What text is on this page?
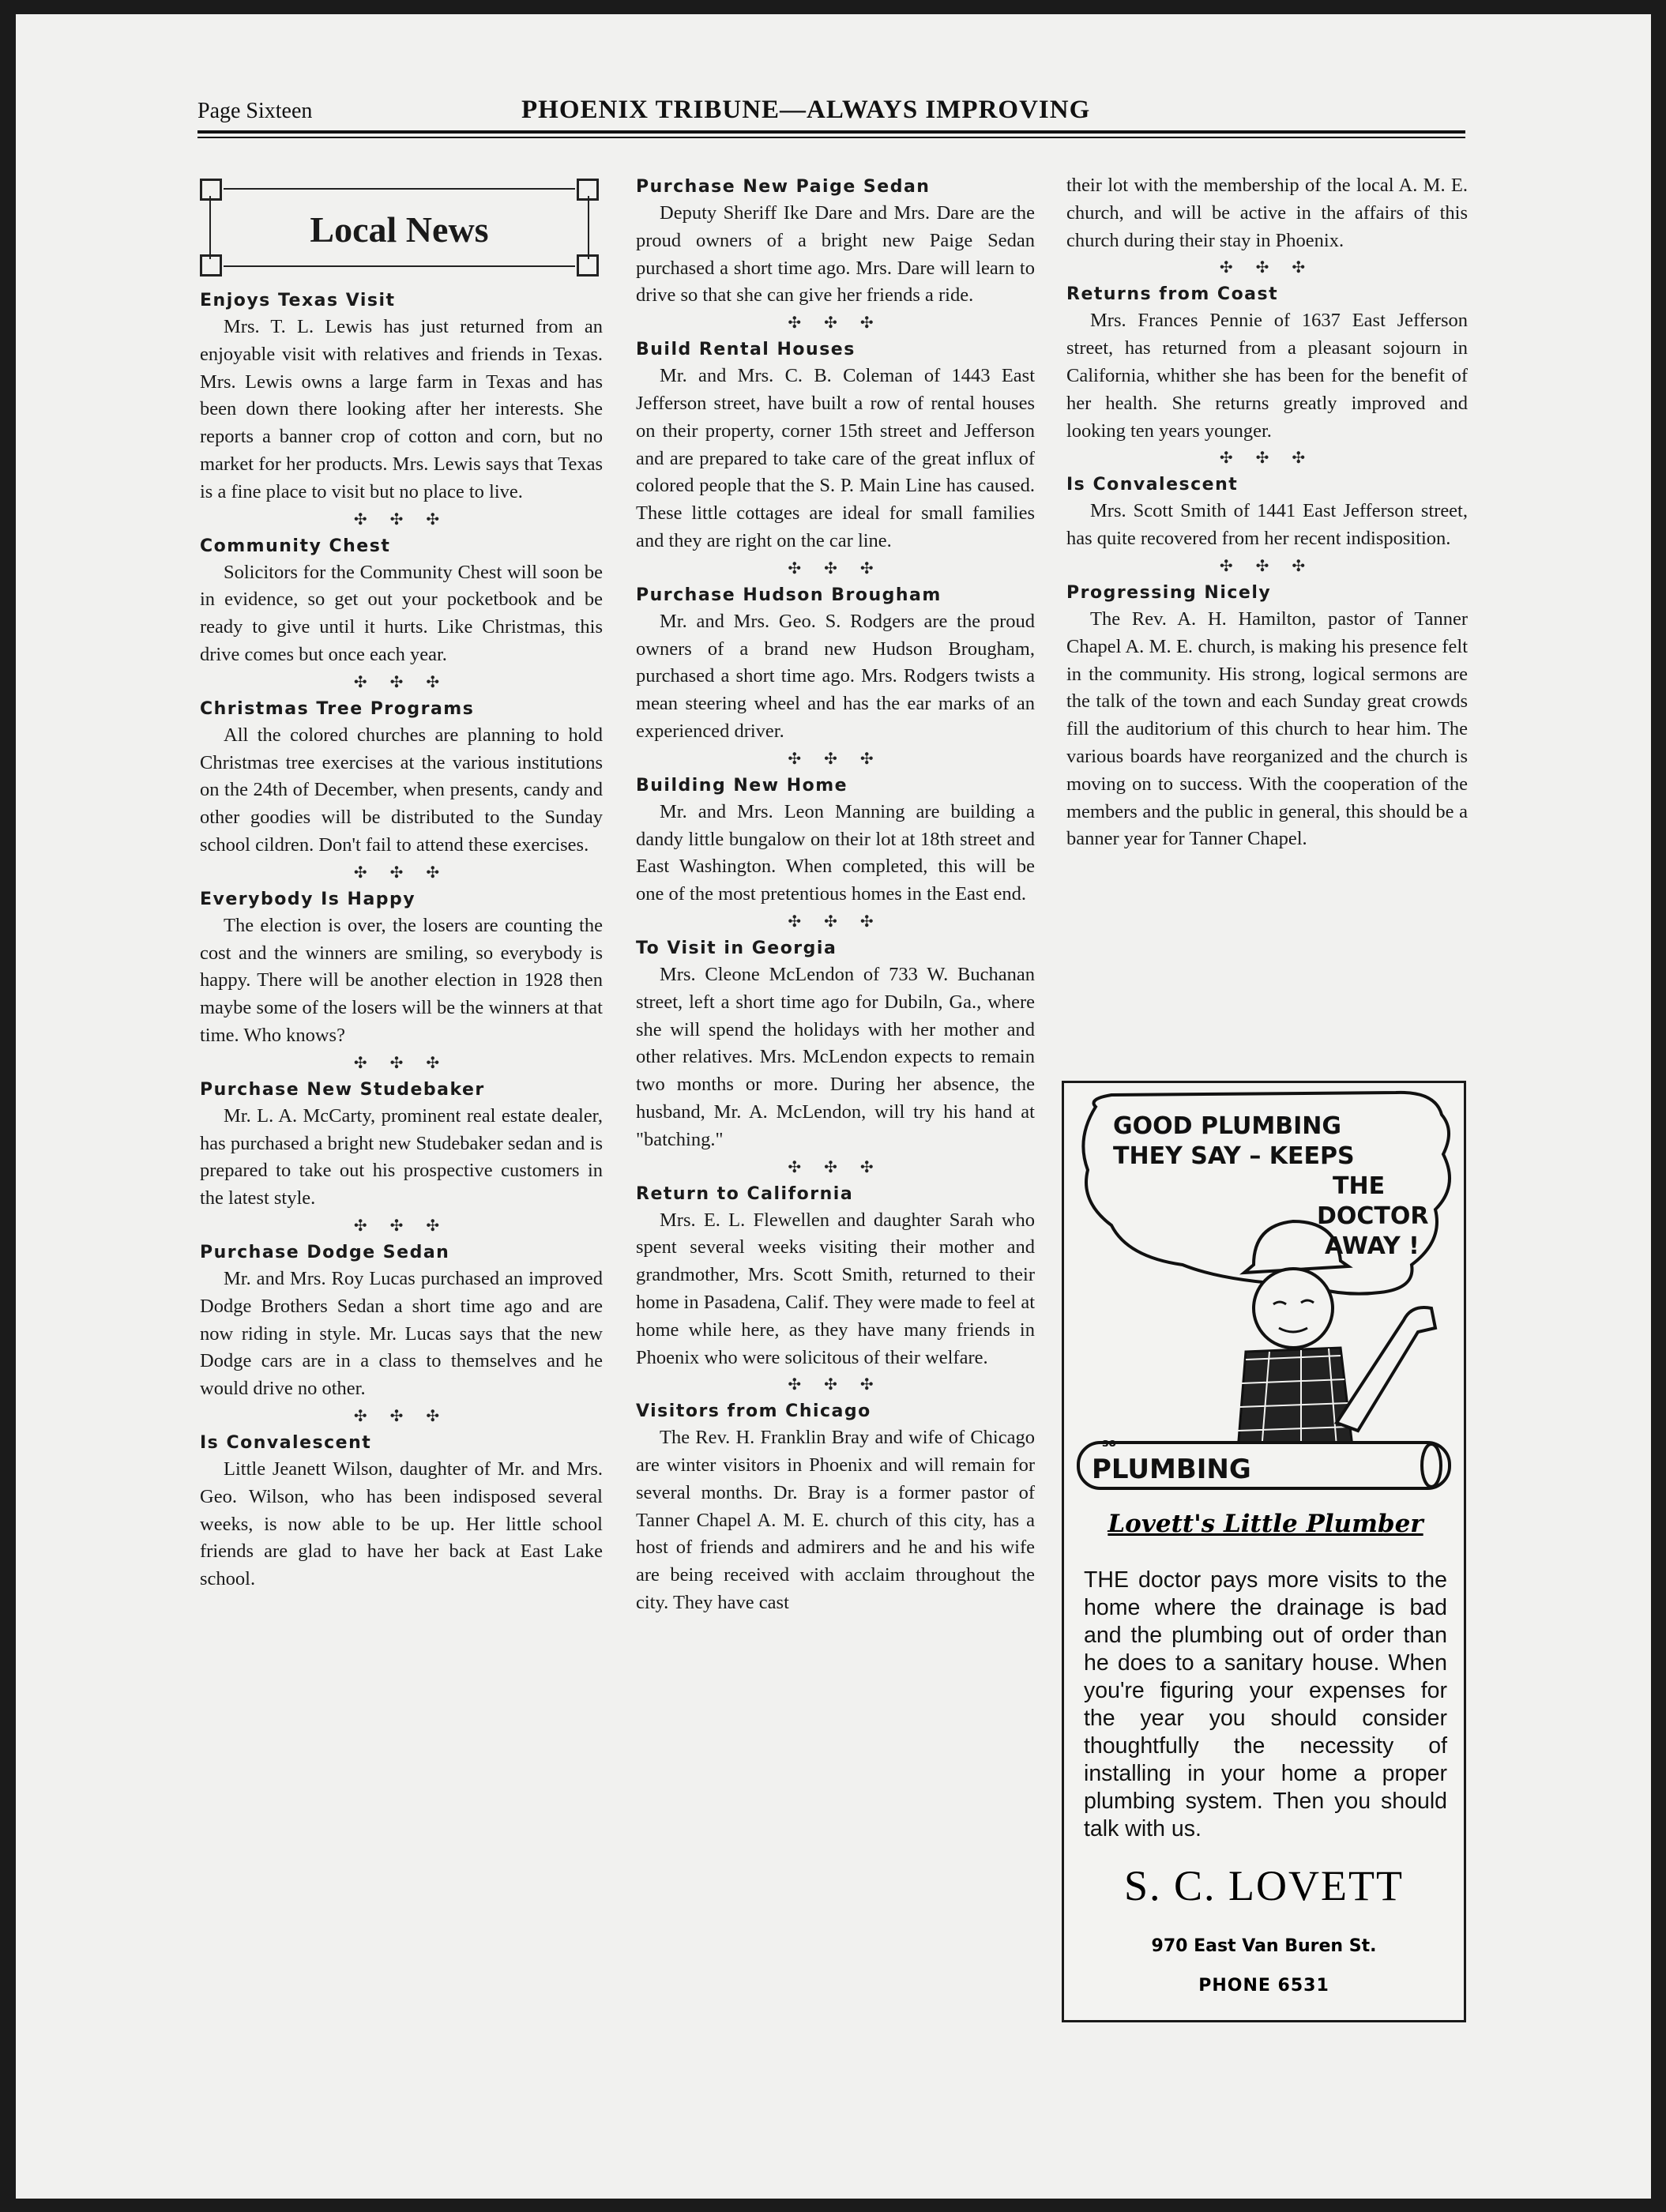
Page Sixteen	PHOENIX TRIBUNE—ALWAYS IMPROVING
Local News
Enjoys Texas Visit

Mrs. T. L. Lewis has just returned from an enjoyable visit with relatives and friends in Texas. Mrs. Lewis owns a large farm in Texas and has been down there looking after her interests. She reports a banner crop of cotton and corn, but no market for her products. Mrs. Lewis says that Texas is a fine place to visit but no place to live.

✣ ✣ ✣
Community Chest

Solicitors for the Community Chest will soon be in evidence, so get out your pocketbook and be ready to give until it hurts. Like Christmas, this drive comes but once each year.

✣ ✣ ✣
Christmas Tree Programs

All the colored churches are planning to hold Christmas tree exercises at the various institutions on the 24th of December, when presents, candy and other goodies will be distributed to the Sunday school cildren. Don't fail to attend these exercises.

✣ ✣ ✣
Everybody Is Happy

The election is over, the losers are counting the cost and the winners are smiling, so everybody is happy. There will be another election in 1928 then maybe some of the losers will be the winners at that time. Who knows?

✣ ✣ ✣
Purchase New Studebaker

Mr. L. A. McCarty, prominent real estate dealer, has purchased a bright new Studebaker sedan and is prepared to take out his prospective customers in the latest style.

✣ ✣ ✣
Purchase Dodge Sedan

Mr. and Mrs. Roy Lucas purchased an improved Dodge Brothers Sedan a short time ago and are now riding in style. Mr. Lucas says that the new Dodge cars are in a class to themselves and he would drive no other.

✣ ✣ ✣
Is Convalescent

Little Jeanett Wilson, daughter of Mr. and Mrs. Geo. Wilson, who has been indisposed several weeks, is now able to be up. Her little school friends are glad to have her back at East Lake school.

Purchase New Paige Sedan

Deputy Sheriff Ike Dare and Mrs. Dare are the proud owners of a bright new Paige Sedan purchased a short time ago. Mrs. Dare will learn to drive so that she can give her friends a ride.

✣ ✣ ✣
Build Rental Houses

Mr. and Mrs. C. B. Coleman of 1443 East Jefferson street, have built a row of rental houses on their property, corner 15th street and Jefferson and are prepared to take care of the great influx of colored people that the S. P. Main Line has caused. These little cottages are ideal for small families and they are right on the car line.

✣ ✣ ✣
Purchase Hudson Brougham

Mr. and Mrs. Geo. S. Rodgers are the proud owners of a brand new Hudson Brougham, purchased a short time ago. Mrs. Rodgers twists a mean steering wheel and has the ear marks of an experienced driver.

✣ ✣ ✣
Building New Home

Mr. and Mrs. Leon Manning are building a dandy little bungalow on their lot at 18th street and East Washington. When completed, this will be one of the most pretentious homes in the East end.

✣ ✣ ✣
To Visit in Georgia

Mrs. Cleone McLendon of 733 W. Buchanan street, left a short time ago for Dubiln, Ga., where she will spend the holidays with her mother and other relatives. Mrs. McLendon expects to remain two months or more. During her absence, the husband, Mr. A. McLendon, will try his hand at "batching."

✣ ✣ ✣
Return to California

Mrs. E. L. Flewellen and daughter Sarah who spent several weeks visiting their mother and grandmother, Mrs. Scott Smith, returned to their home in Pasadena, Calif. They were made to feel at home while here, as they have many friends in Phoenix who were solicitous of their welfare.

✣ ✣ ✣
Visitors from Chicago

The Rev. H. Franklin Bray and wife of Chicago are winter visitors in Phoenix and will remain for several months. Dr. Bray is a former pastor of Tanner Chapel A. M. E. church of this city, has a host of friends and admirers and he and his wife are being received with acclaim throughout the city. They have cast

their lot with the membership of the local A. M. E. church, and will be active in the affairs of this church during their stay in Phoenix.

✣ ✣ ✣
Returns from Coast

Mrs. Frances Pennie of 1637 East Jefferson street, has returned from a pleasant sojourn in California, whither she has been for the benefit of her health. She returns greatly improved and looking ten years younger.

✣ ✣ ✣
Is Convalescent

Mrs. Scott Smith of 1441 East Jefferson street, has quite recovered from her recent indisposition.

✣ ✣ ✣
Progressing Nicely

The Rev. A. H. Hamilton, pastor of Tanner Chapel A. M. E. church, is making his presence felt in the community. His strong, logical sermons are the talk of the town and each Sunday great crowds fill the auditorium of this church to hear him. The various boards have reorganized and the church is moving on to success. With the cooperation of the members and the public in general, this should be a banner year for Tanner Chapel.

PLUMBING
so
GOOD PLUMBING
THEY SAY – KEEPS
THE
DOCTOR
AWAY !
Lovett's Little Plumber
THE doctor pays more visits to the home where the drainage is bad and the plumbing out of order than he does to a sanitary house. When you're figuring your expenses for the year you should consider thoughtfully the necessity of installing in your home a proper plumbing system. Then you should talk with us.
S. C. LOVETT
970 East Van Buren St.
PHONE 6531
